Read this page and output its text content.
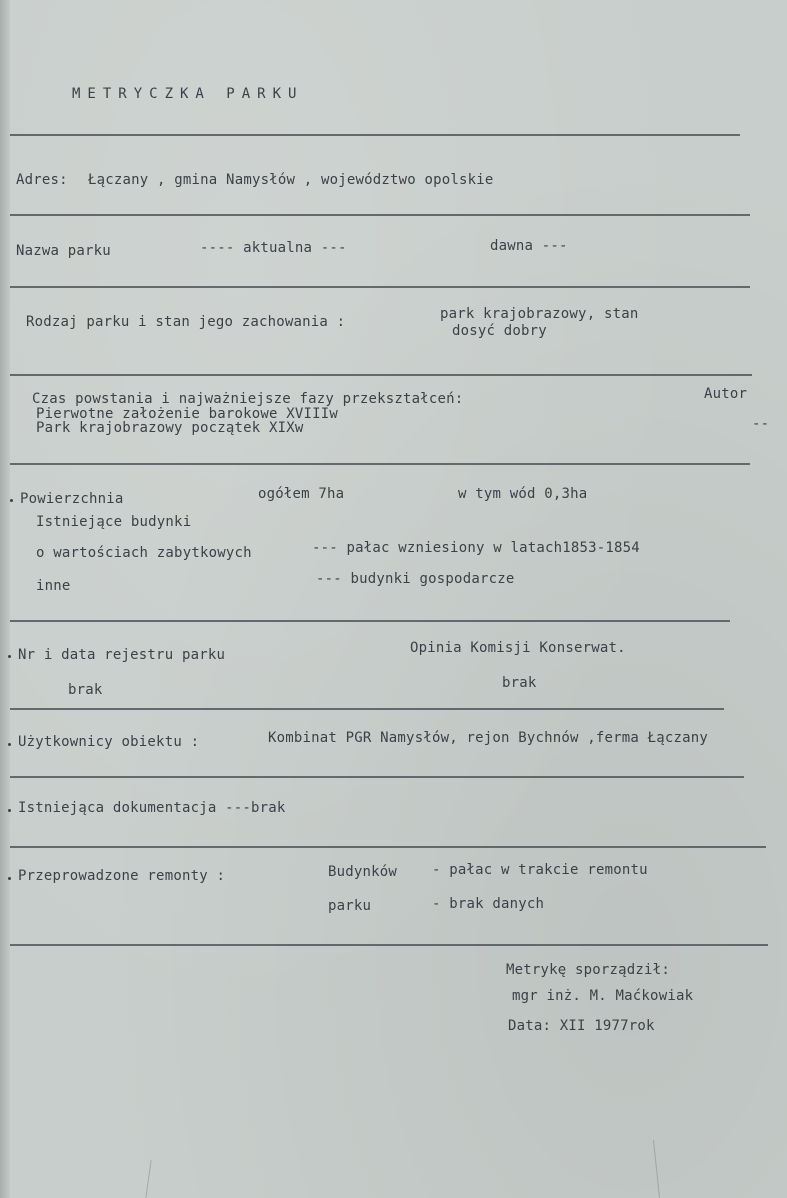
METRYCZKA PARKU
Adres: Łączany , gmina Namysłów , województwo opolskie
Nazwa parku	---- aktualna ---	dawna ---
Rodzaj parku i stan jego zachowania :	park krajobrazowy, stan
dosyć dobry
Czas powstania i najważniejsze fazy przekształceń:	Autor
Pierwotne założenie barokowe XVIIIw
Park krajobrazowy początek XIXw	--
Powierzchnia	ogółem 7ha	w tym wód 0,3ha
Istniejące budynki
o wartościach zabytkowych	--- pałac wzniesiony w latach1853-1854
inne	--- budynki gospodarcze
Nr i data rejestru parku	Opinia Komisji Konserwat.
brak	brak
Użytkownicy obiektu :	Kombinat PGR Namysłów, rejon Bychnów ,ferma Łączany
Istniejąca dokumentacja ---brak
Przeprowadzone remonty :	Budynków - pałac w trakcie remontu
parku	- brak danych
Metrykę sporządził:
mgr inż. M. Maćkowiak
Data: XII 1977rok
